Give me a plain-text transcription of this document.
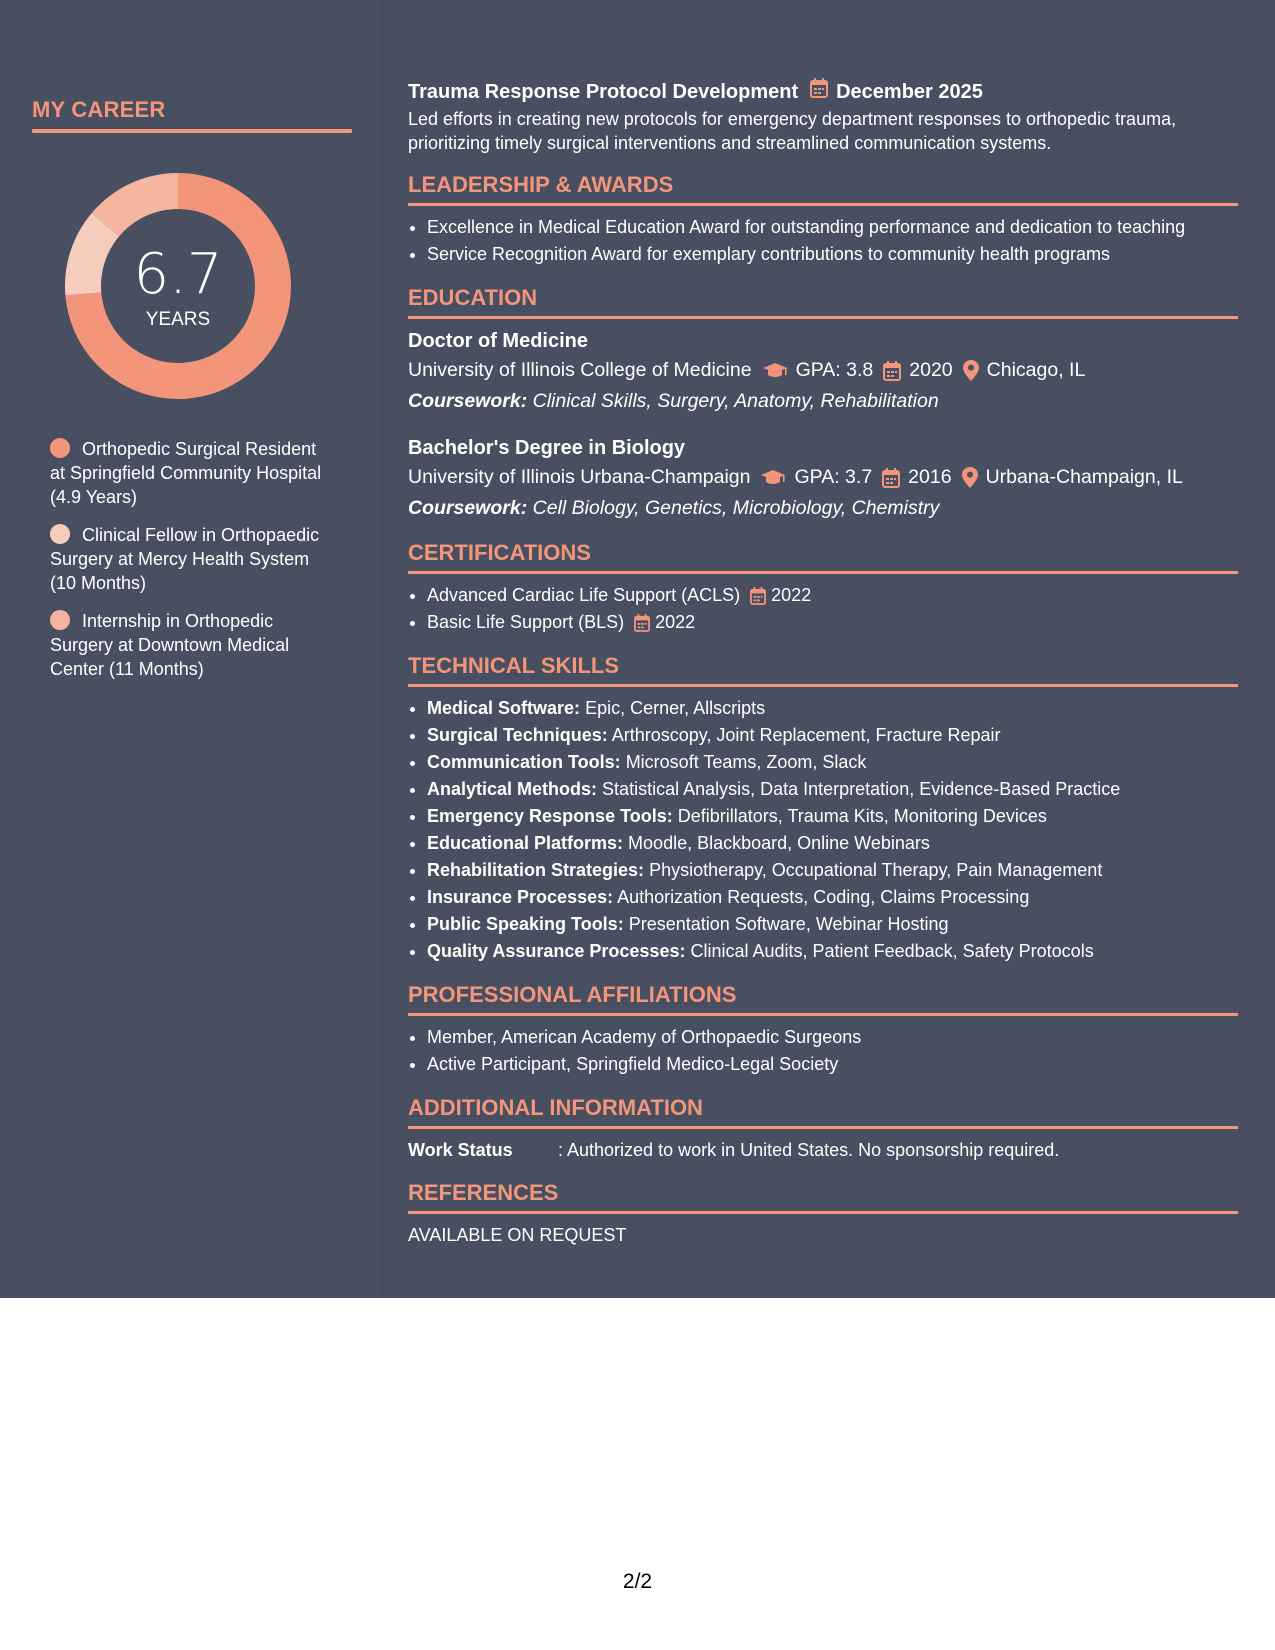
MY CAREER
6.7
YEARS
Orthopedic Surgical Resident at Springfield Community Hospital (4.9 Years)
Clinical Fellow in Orthopaedic Surgery at Mercy Health System (10 Months)
Internship in Orthopedic Surgery at Downtown Medical Center (11 Months)
Trauma Response Protocol Development December 2025
Led efforts in creating new protocols for emergency department responses to orthopedic trauma, prioritizing timely surgical interventions and streamlined communication systems.
LEADERSHIP & AWARDS
• Excellence in Medical Education Award for outstanding performance and dedication to teaching
• Service Recognition Award for exemplary contributions to community health programs
EDUCATION
Doctor of Medicine
University of Illinois College of Medicine GPA: 3.8 2020 Chicago, IL
Coursework: Clinical Skills, Surgery, Anatomy, Rehabilitation
Bachelor's Degree in Biology
University of Illinois Urbana-Champaign GPA: 3.7 2016 Urbana-Champaign, IL
Coursework: Cell Biology, Genetics, Microbiology, Chemistry
CERTIFICATIONS
• Advanced Cardiac Life Support (ACLS) 2022
• Basic Life Support (BLS) 2022
TECHNICAL SKILLS
• Medical Software: Epic, Cerner, Allscripts
• Surgical Techniques: Arthroscopy, Joint Replacement, Fracture Repair
• Communication Tools: Microsoft Teams, Zoom, Slack
• Analytical Methods: Statistical Analysis, Data Interpretation, Evidence-Based Practice
• Emergency Response Tools: Defibrillators, Trauma Kits, Monitoring Devices
• Educational Platforms: Moodle, Blackboard, Online Webinars
• Rehabilitation Strategies: Physiotherapy, Occupational Therapy, Pain Management
• Insurance Processes: Authorization Requests, Coding, Claims Processing
• Public Speaking Tools: Presentation Software, Webinar Hosting
• Quality Assurance Processes: Clinical Audits, Patient Feedback, Safety Protocols
PROFESSIONAL AFFILIATIONS
• Member, American Academy of Orthopaedic Surgeons
• Active Participant, Springfield Medico-Legal Society
ADDITIONAL INFORMATION
Work Status	: Authorized to work in United States. No sponsorship required.
REFERENCES
AVAILABLE ON REQUEST
2/2
